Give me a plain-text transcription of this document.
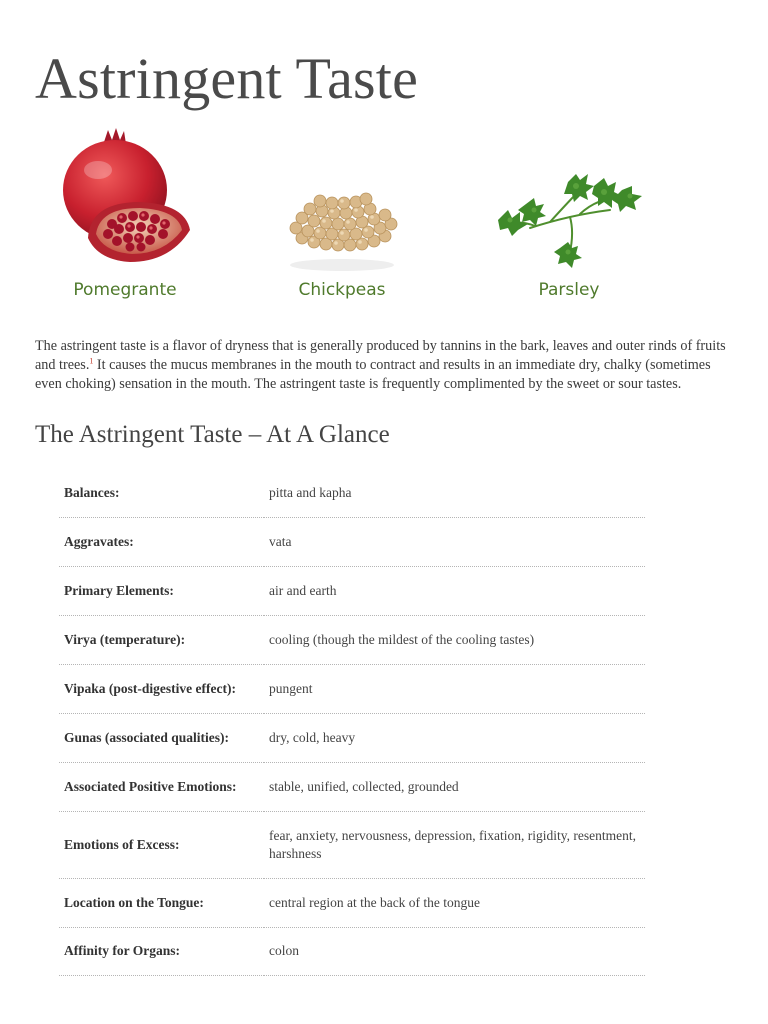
Astringent Taste
Pomegrante	Chickpeas	Parsley

The astringent taste is a flavor of dryness that is generally produced by tannins in the bark, leaves and outer rinds of fruits and trees.$^1$ It causes the mucus membranes in the mouth to contract and results in an immediate dry, chalky (sometimes even choking) sensation in the mouth. The astringent taste is frequently complimented by the sweet or sour tastes.

The Astringent Taste – At A Glance
Balances:	pitta and kapha
Aggravates:	vata
Primary Elements:	air and earth
Virya (temperature):	cooling (though the mildest of the cooling tastes)
Vipaka (post-digestive effect):	pungent
Gunas (associated qualities):	dry, cold, heavy
Associated Positive Emotions:	stable, unified, collected, grounded
Emotions of Excess:	fear, anxiety, nervousness, depression, fixation, rigidity, resentment, harshness
Location on the Tongue:	central region at the back of the tongue
Affinity for Organs:	colon
